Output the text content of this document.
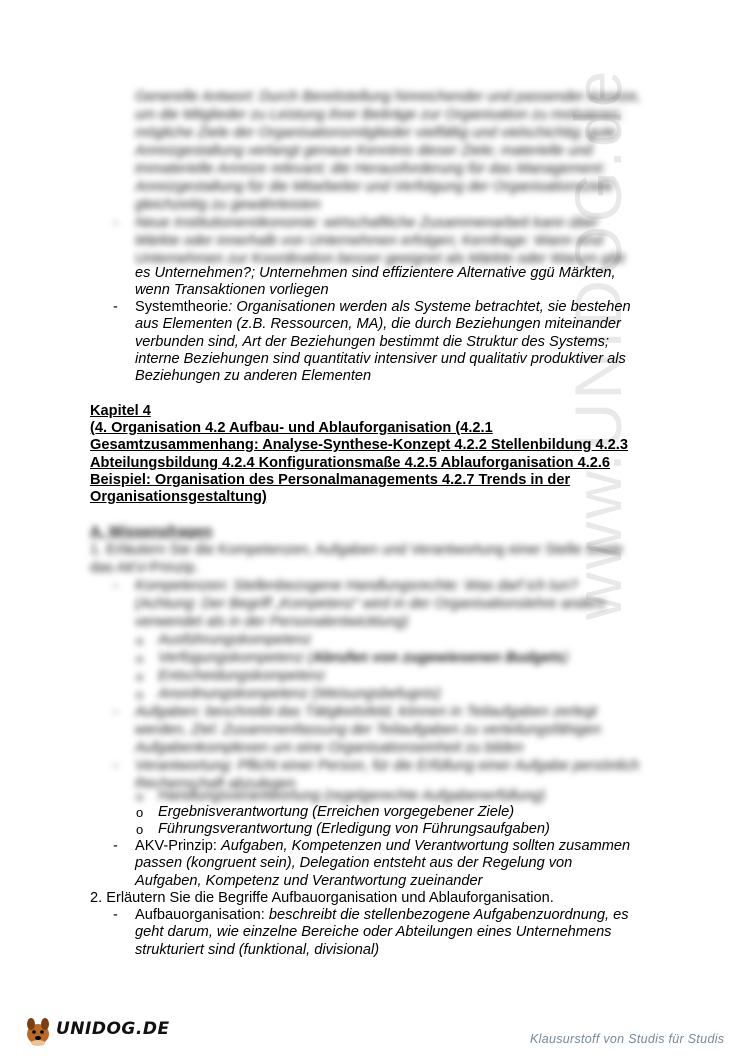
www.UNIDOG.de
Generelle Antwort: Durch Bereitstellung hinreichender und passender Anreize,
um die Mitglieder zu Leistung ihrer Beiträge zur Organisation zu motivieren;
mögliche Ziele der Organisationsmitglieder vielfältig und vielschichtig; gute
Anreizgestaltung verlangt genaue Kenntnis dieser Ziele; materielle und
immaterielle Anreize relevant; die Herausforderung für das Management:
Anreizgestaltung für die Mitarbeiter und Verfolgung der Organisationsziele
gleichzeitig zu gewährleisten
- Neue Institutionenökonomie: wirtschaftliche Zusammenarbeit kann über
Märkte oder innerhalb von Unternehmen erfolgen; Kernfrage: Wann sind
Unternehmen zur Koordination besser geeignet als Märkte oder Warum gibt
es Unternehmen?; Unternehmen sind effizientere Alternative ggü Märkten,
wenn Transaktionen vorliegen
- Systemtheorie: Organisationen werden als Systeme betrachtet, sie bestehen
aus Elementen (z.B. Ressourcen, MA), die durch Beziehungen miteinander
verbunden sind, Art der Beziehungen bestimmt die Struktur des Systems;
interne Beziehungen sind quantitativ intensiver und qualitativ produktiver als
Beziehungen zu anderen Elementen
Kapitel 4
(4. Organisation 4.2 Aufbau- und Ablauforganisation (4.2.1
Gesamtzusammenhang: Analyse-Synthese-Konzept 4.2.2 Stellenbildung 4.2.3
Abteilungsbildung 4.2.4 Konfigurationsmaße 4.2.5 Ablauforganisation 4.2.6
Beispiel: Organisation des Personalmanagements 4.2.7 Trends in der
Organisationsgestaltung)
A. Wissensfragen
1. Erläutern Sie die Kompetenzen, Aufgaben und Verantwortung einer Stelle sowie
das AKV-Prinzip.
- Kompetenzen: Stellenbezogene Handlungsrechte: Was darf ich tun?
(Achtung: Der Begriff „Kompetenz“ wird in der Organisationslehre anders
verwendet als in der Personalentwicklung)
o Ausführungskompetenz
o Verfügungskompetenz (Abrufen von zugewiesenen Budgets)
o Entscheidungskompetenz
o Anordnungskompetenz (Weisungsbefugnis)
- Aufgaben: beschreibt das Tätigkeitsfeld, können in Teilaufgaben zerlegt
werden, Ziel: Zusammenfassung der Teilaufgaben zu verteilungsfähigen
Aufgabenkomplexen um eine Organisationseinheit zu bilden
- Verantwortung: Pflicht einer Person, für die Erfüllung einer Aufgabe persönlich
Rechenschaft abzulegen
o Handlungsverantwortung (regelgerechte Aufgabenerfüllung)
o Ergebnisverantwortung (Erreichen vorgegebener Ziele)
o Führungsverantwortung (Erledigung von Führungsaufgaben)
- AKV-Prinzip: Aufgaben, Kompetenzen und Verantwortung sollten zusammen
passen (kongruent sein), Delegation entsteht aus der Regelung von
Aufgaben, Kompetenz und Verantwortung zueinander
2. Erläutern Sie die Begriffe Aufbauorganisation und Ablauforganisation.
- Aufbauorganisation: beschreibt die stellenbezogene Aufgabenzuordnung, es
geht darum, wie einzelne Bereiche oder Abteilungen eines Unternehmens
strukturiert sind (funktional, divisional)
UNIDOG.DE	Klausurstoff von Studis für Studis
